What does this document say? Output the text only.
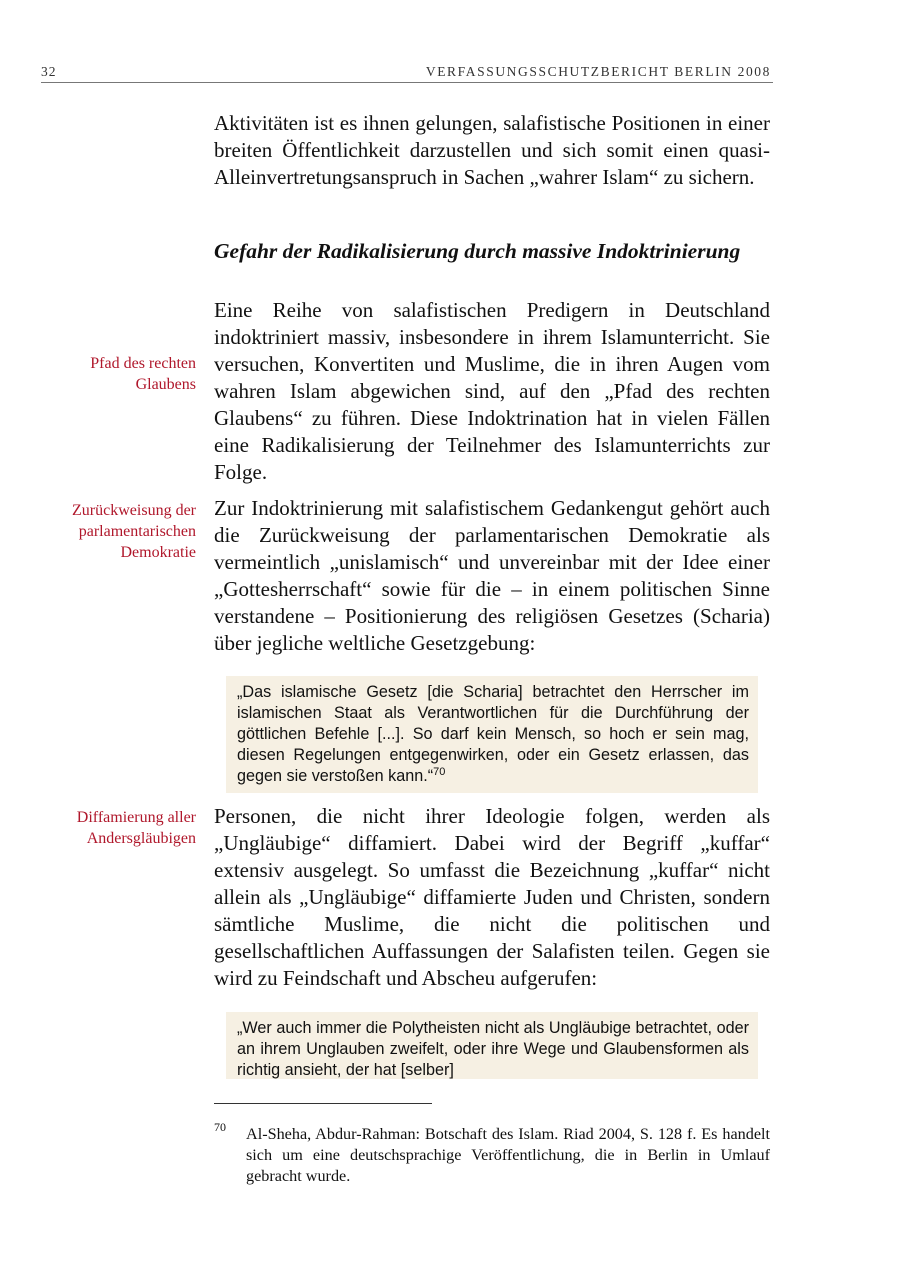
32	VERFASSUNGSSCHUTZBERICHT BERLIN 2008

Aktivitäten ist es ihnen gelungen, salafistische Positionen in einer breiten Öffentlichkeit darzustellen und sich somit einen quasi-Alleinvertretungsanspruch in Sachen „wahrer Islam“ zu sichern.

Gefahr der Radikalisierung durch massive Indoktrinierung

Eine Reihe von salafistischen Predigern in Deutschland indoktriniert massiv, insbesondere in ihrem Islamunterricht. Sie versuchen, Konvertiten und Muslime, die in ihren Augen vom wahren Islam abgewichen sind, auf den „Pfad des rechten Glaubens“ zu führen. Diese Indoktrination hat in vielen Fällen eine Radikalisierung der Teilnehmer des Islamunterrichts zur Folge.

Pfad des rechten Glaubens

Zur Indoktrinierung mit salafistischem Gedankengut gehört auch die Zurückweisung der parlamentarischen Demokratie als vermeintlich „unislamisch“ und unvereinbar mit der Idee einer „Gottesherrschaft“ sowie für die – in einem politischen Sinne verstandene – Positionierung des religiösen Gesetzes (Scharia) über jegliche weltliche Gesetzgebung:

Zurückweisung der parlamentarischen Demokratie

„Das islamische Gesetz [die Scharia] betrachtet den Herrscher im islamischen Staat als Verantwortlichen für die Durchführung der göttlichen Befehle [...]. So darf kein Mensch, so hoch er sein mag, diesen Regelungen entgegenwirken, oder ein Gesetz erlassen, das gegen sie verstoßen kann.“$^{70}$

Personen, die nicht ihrer Ideologie folgen, werden als „Ungläubige“ diffamiert. Dabei wird der Begriff „kuffar“ extensiv ausgelegt. So umfasst die Bezeichnung „kuffar“ nicht allein als „Ungläubige“ diffamierte Juden und Christen, sondern sämtliche Muslime, die nicht die politischen und gesellschaftlichen Auffassungen der Salafisten teilen. Gegen sie wird zu Feindschaft und Abscheu aufgerufen:

Diffamierung aller Andersgläubigen

„Wer auch immer die Polytheisten nicht als Ungläubige betrachtet, oder an ihrem Unglauben zweifelt, oder ihre Wege und Glaubensformen als richtig ansieht, der hat [selber]

70 Al-Sheha, Abdur-Rahman: Botschaft des Islam. Riad 2004, S. 128 f. Es handelt sich um eine deutschsprachige Veröffentlichung, die in Berlin in Umlauf gebracht wurde.
